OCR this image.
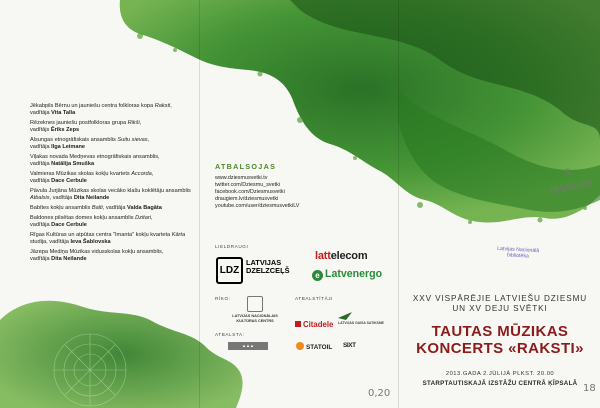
Jēkabpils Bērnu un jauniešu centra folkloras kopa Raksti,
vadītāja Vita Talla
Rēzeknes jauniešu postfolkloras grupa Rikši,
vadītājs Ēriks Zeps
Alsungas etnogrāfiskais ansamblis Suitu sievas,
vadītāja Ilga Leimane
Viļakas novada Medņevas etnogrāfiskais ansamblis,
vadītāja Natālija Smuška
Valmieras Mūzikas skolas kokļu kvartets Accorda,
vadītāja Dace Cerbule
Pāvula Jurjāna Mūzikas skolas vecāko klašu koklētāju ansamblis Atbalsis, vadītāja Dita Neilande
Babītes kokļu ansamblis Balti, vadītāja Valda Bagāta
Baldones pilsētas domes kokļu ansamblis Dzitari,
vadītāja Dace Cerbule
Rīgas Kultūras un atpūtas centra "Imanta" kokļu kvarteta Kārta studija, vadītāja Ieva Šablovska
Jāzepa Mediņa Mūzikas vidusskolas kokļu ansamblis,
vadītāja Dita Neilande
ATBALSOJAS
www.dziesmusvetki.tv
twitter.com/Dziesmu_svetki
facebook.com/Dziesmusvetki
draugiem.lv/dziesmusvetki
youtube.com/user/dziesmusvetkiLV
LIELDRAUGI
LDZ
LATVIJAS
DZELZCEĻŠ
lattelecom
e Latvenergo
RĪKO:	ATBALSTĪTĀJI
ATBALSTA:
LATVIJAS NACIONĀLAIS KULTŪRAS CENTRS	Citadele LATVIJAS GAISA SATIKSME
▲▲▲	STATOIL SIXT
Latvijas Nacionālā
bibliotēka
S
781/6(x6)
XXV VISPĀRĒJIE LATVIEŠU DZIESMU
UN XV DEJU SVĒTKI
TAUTAS MŪZIKAS
KONCERTS «RAKSTI»
2013.GADA 2.JŪLIJĀ PLKST. 20.00
STARPTAUTISKAJĀ IZSTĀŽU CENTRĀ ĶĪPSALĀ
0,20	18
